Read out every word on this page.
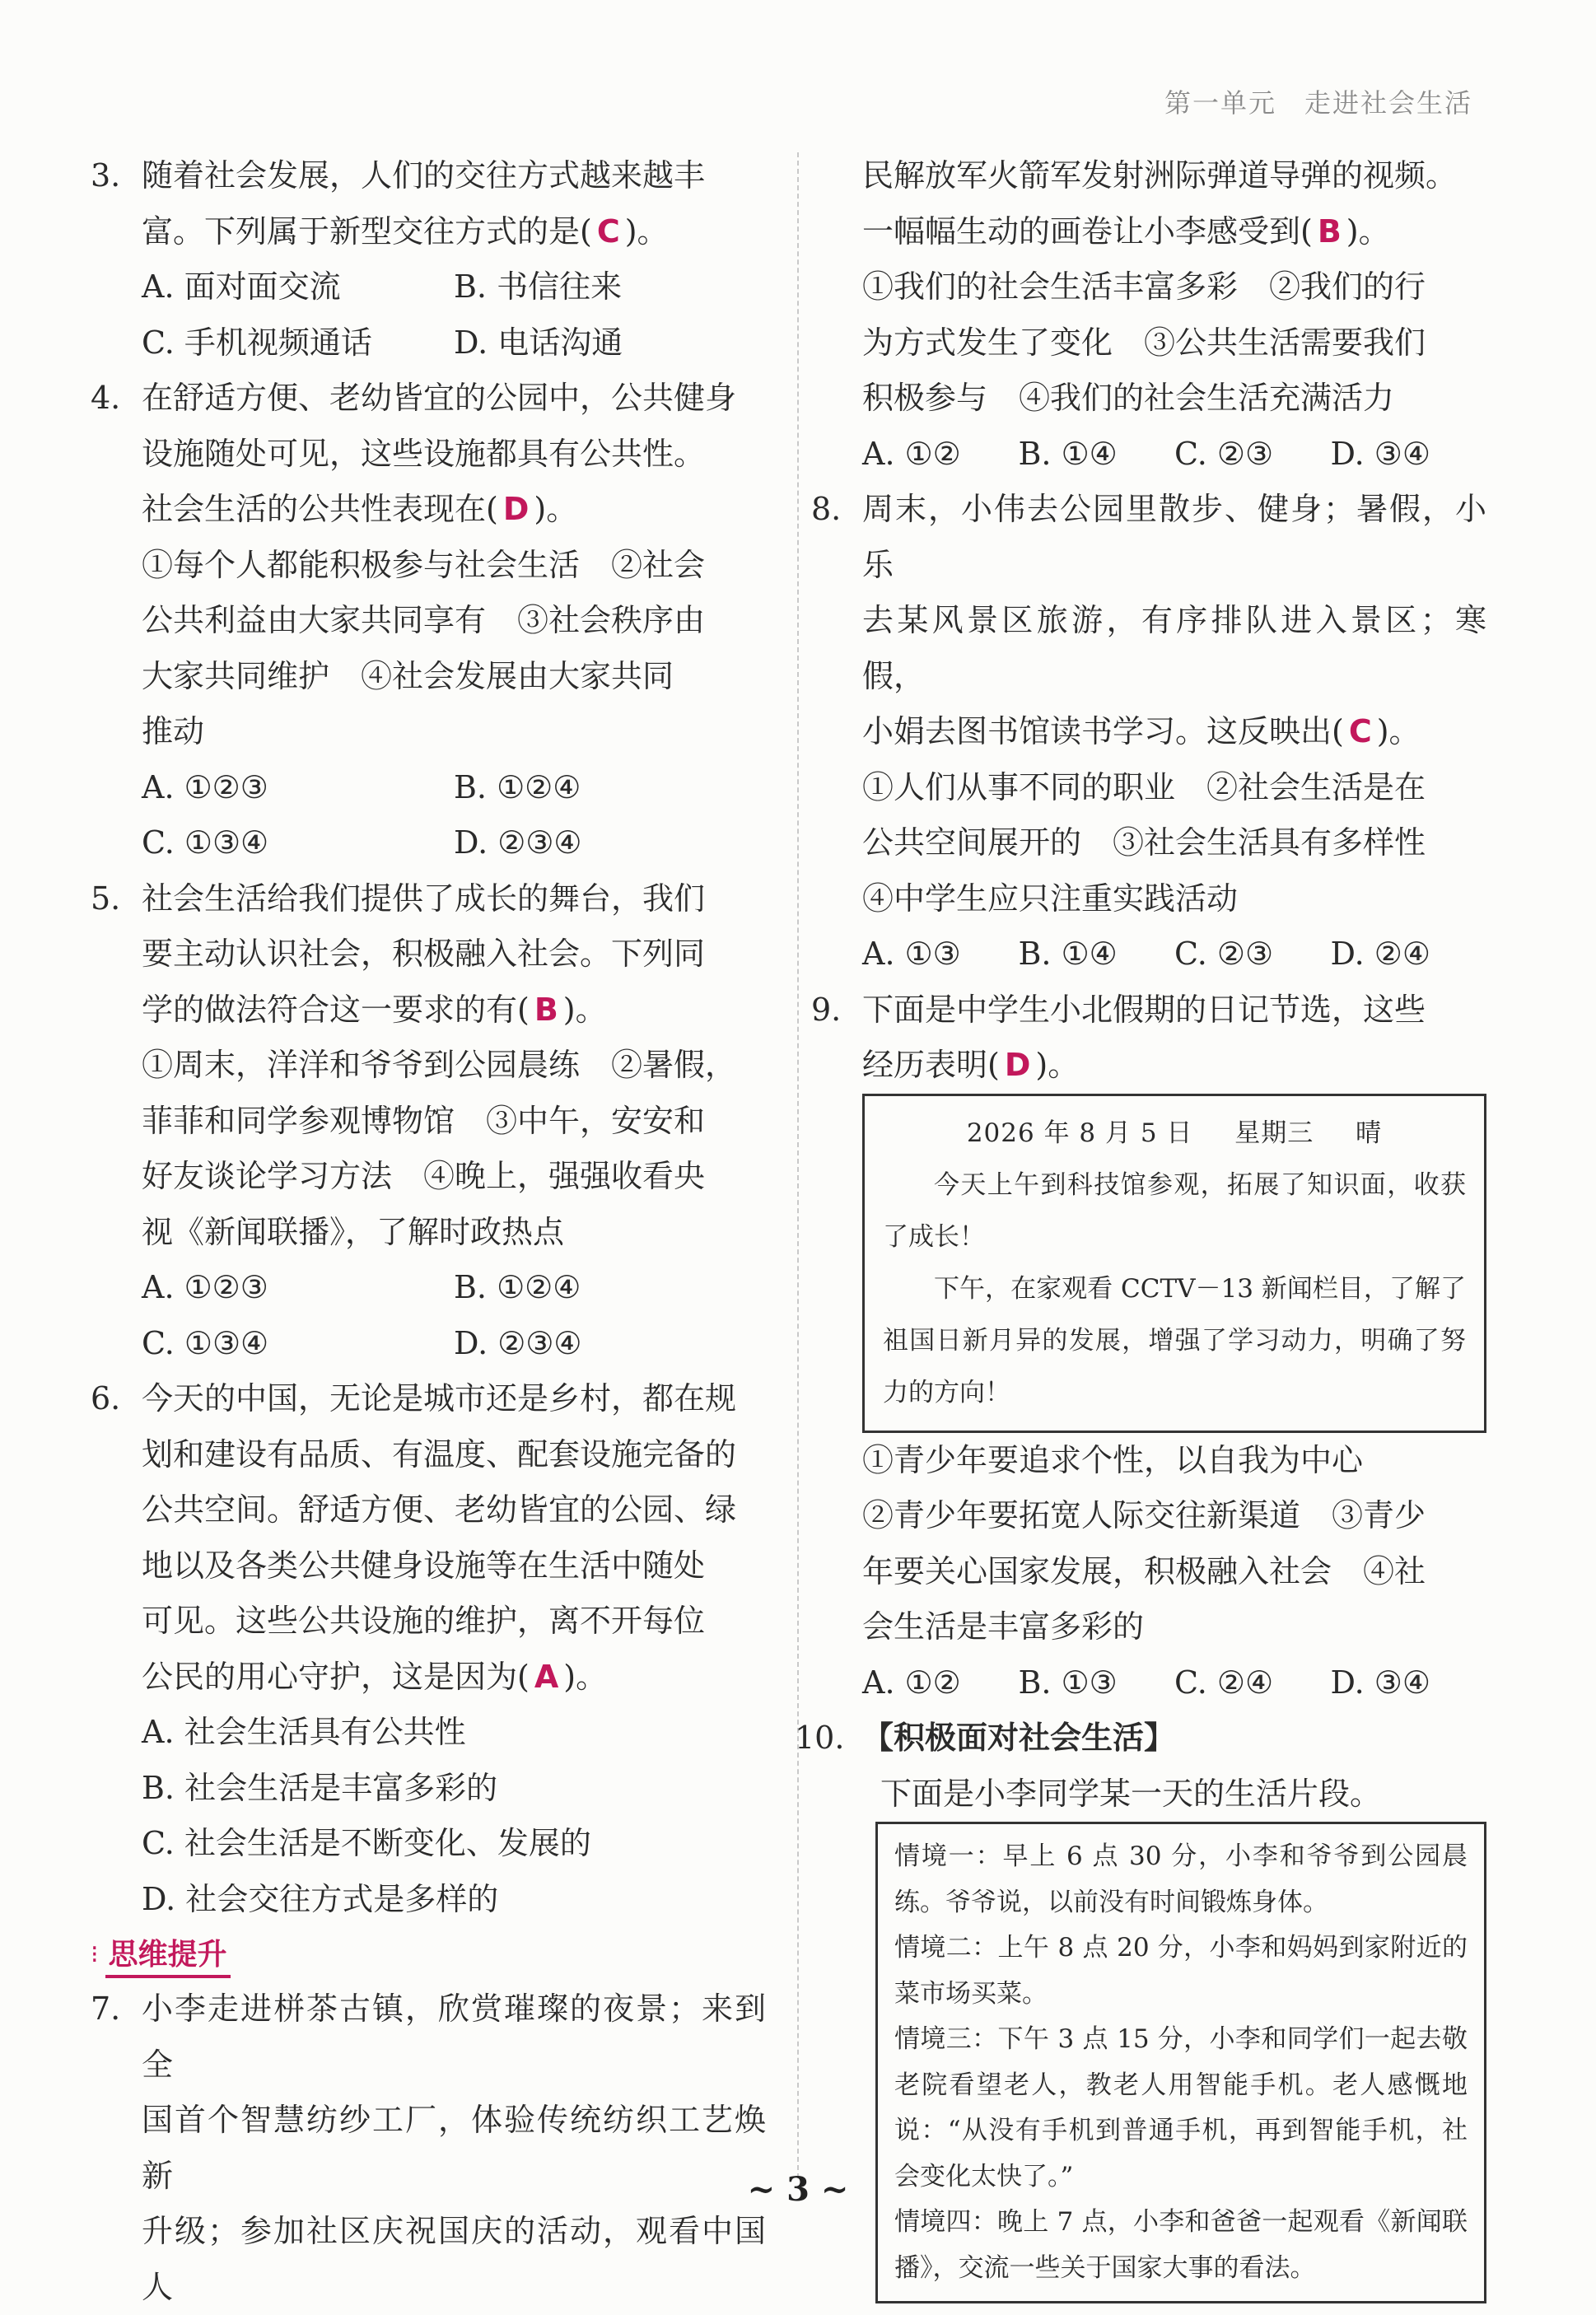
第一单元 走进社会生活
3. 随着社会发展，人们的交往方式越来越丰
富。下列属于新型交往方式的是( C )。
A. 面对面交流	B. 书信往来
C. 手机视频通话	D. 电话沟通
4. 在舒适方便、老幼皆宜的公园中，公共健身
设施随处可见，这些设施都具有公共性。
社会生活的公共性表现在( D )。
①每个人都能积极参与社会生活　②社会
公共利益由大家共同享有　③社会秩序由
大家共同维护　④社会发展由大家共同
推动
A. ①②③	B. ①②④
C. ①③④	D. ②③④
5. 社会生活给我们提供了成长的舞台，我们
要主动认识社会，积极融入社会。下列同
学的做法符合这一要求的有( B )。
①周末，洋洋和爷爷到公园晨练　②暑假，
菲菲和同学参观博物馆　③中午，安安和
好友谈论学习方法　④晚上，强强收看央
视《新闻联播》，了解时政热点
A. ①②③	B. ①②④
C. ①③④	D. ②③④
6. 今天的中国，无论是城市还是乡村，都在规
划和建设有品质、有温度、配套设施完备的
公共空间。舒适方便、老幼皆宜的公园、绿
地以及各类公共健身设施等在生活中随处
可见。这些公共设施的维护，离不开每位
公民的用心守护，这是因为( A )。
A. 社会生活具有公共性
B. 社会生活是丰富多彩的
C. 社会生活是不断变化、发展的
D. 社会交往方式是多样的
⁝ 思维提升
7. 小李走进栟茶古镇，欣赏璀璨的夜景；来到全
国首个智慧纺纱工厂，体验传统纺织工艺焕新
升级；参加社区庆祝国庆的活动，观看中国人
民解放军火箭军发射洲际弹道导弹的视频。
一幅幅生动的画卷让小李感受到( B )。
①我们的社会生活丰富多彩　②我们的行
为方式发生了变化　③公共生活需要我们
积极参与　④我们的社会生活充满活力
A. ①②	B. ①④	C. ②③	D. ③④
8. 周末，小伟去公园里散步、健身；暑假，小乐
去某风景区旅游，有序排队进入景区；寒假，
小娟去图书馆读书学习。这反映出( C )。
①人们从事不同的职业　②社会生活是在
公共空间展开的　③社会生活具有多样性
④中学生应只注重实践活动
A. ①③	B. ①④	C. ②③	D. ②④
9. 下面是中学生小北假期的日记节选，这些
经历表明( D )。
2026 年 8 月 5 日 星期三 晴

今天上午到科技馆参观，拓展了知识面，收获了成长！

下午，在家观看 CCTV－13 新闻栏目，了解了祖国日新月异的发展，增强了学习动力，明确了努力的方向！

①青少年要追求个性，以自我为中心
②青少年要拓宽人际交往新渠道　③青少
年要关心国家发展，积极融入社会　④社
会生活是丰富多彩的
A. ①②	B. ①③	C. ②④	D. ③④
10. 【积极面对社会生活】
下面是小李同学某一天的生活片段。

情境一：早上 6 点 30 分，小李和爷爷到公园晨练。爷爷说，以前没有时间锻炼身体。

情境二：上午 8 点 20 分，小李和妈妈到家附近的菜市场买菜。

情境三：下午 3 点 15 分，小李和同学们一起去敬老院看望老人，教老人用智能手机。老人感慨地说：“从没有手机到普通手机，再到智能手机，社会变化太快了。”

情境四：晚上 7 点，小李和爸爸一起观看《新闻联播》，交流一些关于国家大事的看法。

~ 3 ~
